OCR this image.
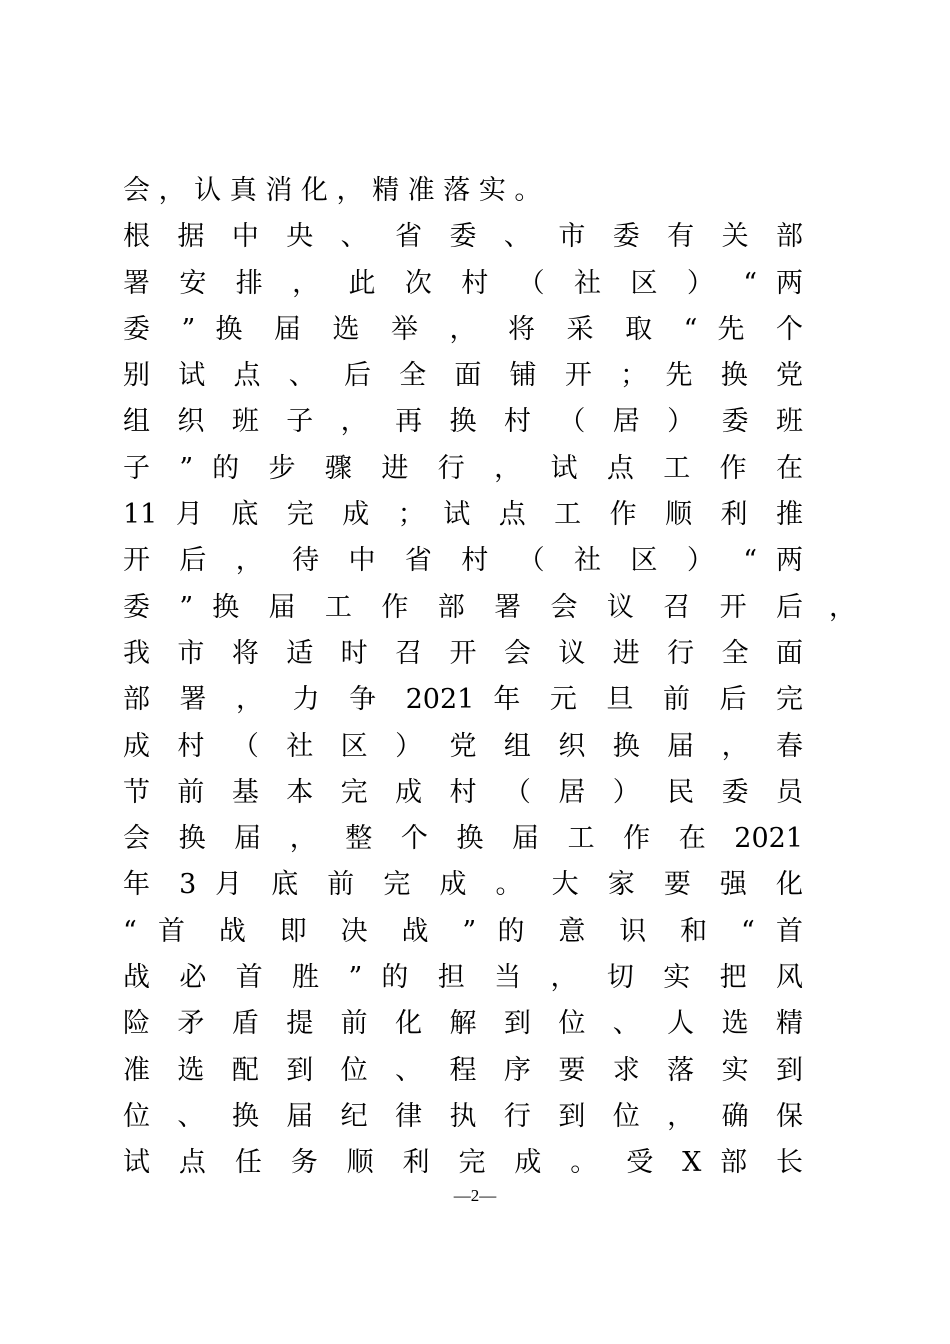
会 ， 认 真 消 化 ， 精 准 落 实 。
根 据 中 央 、 省 委 、 市 委 有 关 部
署 安 排 ， 此 次 村 （ 社 区 ） “ 两
委 ” 换 届 选 举 ， 将 采 取 “ 先 个
别 试 点 、 后 全 面 铺 开 ； 先 换 党
组 织 班 子 ， 再 换 村 （ 居 ） 委 班
子 ” 的 步 骤 进 行 ， 试 点 工 作 在
11 月 底 完 成 ； 试 点 工 作 顺 利 推
开 后 ， 待 中 省 村 （ 社 区 ） “ 两
委 ” 换 届 工 作 部 署 会 议 召 开 后 ，
我 市 将 适 时 召 开 会 议 进 行 全 面
部 署 ， 力 争 2021 年 元 旦 前 后 完
成 村 （ 社 区 ） 党 组 织 换 届 ， 春
节 前 基 本 完 成 村 （ 居 ） 民 委 员
会 换 届 ， 整 个 换 届 工 作 在 2021
年 3 月 底 前 完 成 。 大 家 要 强 化
“ 首 战 即 决 战 ” 的 意 识 和 “ 首
战 必 首 胜 ” 的 担 当 ， 切 实 把 风
险 矛 盾 提 前 化 解 到 位 、 人 选 精
准 选 配 到 位 、 程 序 要 求 落 实 到
位 、 换 届 纪 律 执 行 到 位 ， 确 保
试 点 任 务 顺 利 完 成 。 受 X 部 长
—2—
